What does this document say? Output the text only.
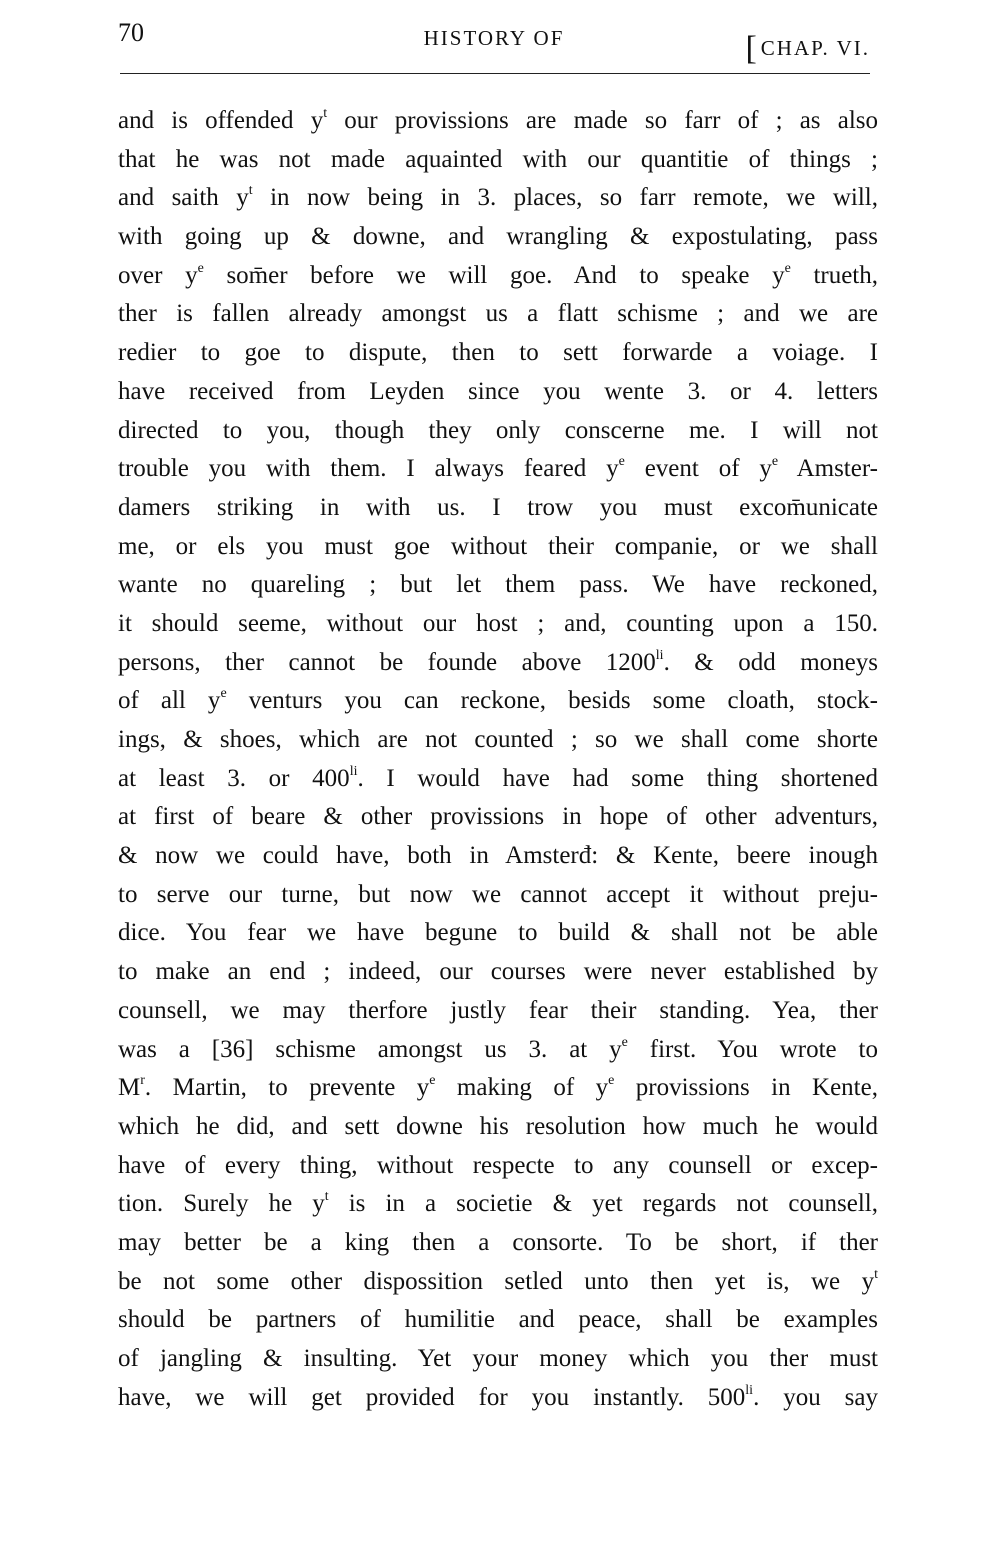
70	HISTORY OF	[CHAP. VI.
and is offended $y^t$ our provissions are made so farr of ; as also
that he was not made aquainted with our quantitie of things ;
and saith $y^t$ in now being in 3. places, so farr remote, we will,
with going up & downe, and wrangling & expostulating, pass
over $y^e$ som̄er before we will goe. And to speake $y^e$ trueth,
ther is fallen already amongst us a flatt schisme ; and we are
redier to goe to dispute, then to sett forwarde a voiage. I
have received from Leyden since you wente 3. or 4. letters
directed to you, though they only conscerne me. I will not
trouble you with them. I always feared $y^e$ event of $y^e$ Amster-
damers striking in with us. I trow you must excom̄unicate
me, or els you must goe without their companie, or we shall
wante no quareling ; but let them pass. We have reckoned,
it should seeme, without our host ; and, counting upon a 150.
persons, ther cannot be founde above $1200^{li}$. & odd moneys
of all $y^e$ venturs you can reckone, besids some cloath, stock-
ings, & shoes, which are not counted ; so we shall come shorte
at least 3. or $400^{li}$. I would have had some thing shortened
at first of beare & other provissions in hope of other adventurs,
& now we could have, both in Amsterđ: & Kente, beere inough
to serve our turne, but now we cannot accept it without preju-
dice. You fear we have begune to build & shall not be able
to make an end ; indeed, our courses were never established by
counsell, we may therfore justly fear their standing. Yea, ther
was a [36] schisme amongst us 3. at $y^e$ first. You wrote to
$M^r$. Martin, to prevente $y^e$ making of $y^e$ provissions in Kente,
which he did, and sett downe his resolution how much he would
have of every thing, without respecte to any counsell or excep-
tion. Surely he $y^t$ is in a societie & yet regards not counsell,
may better be a king then a consorte. To be short, if ther
be not some other dispossition setled unto then yet is, we $y^t$
should be partners of humilitie and peace, shall be examples
of jangling & insulting. Yet your money which you ther must
have, we will get provided for you instantly. $500^{li}$. you say
